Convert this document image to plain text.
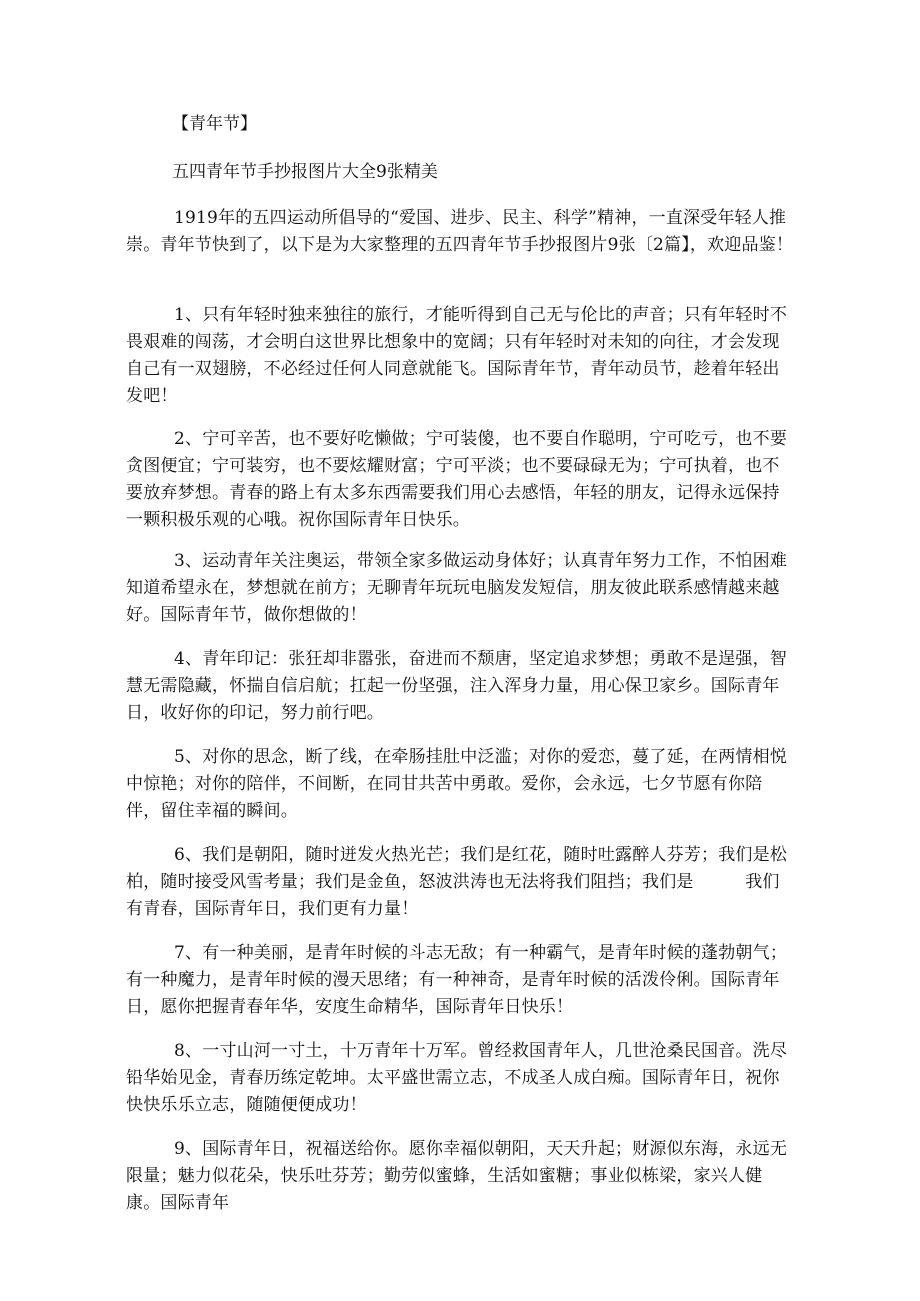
【青年节】
五四青年节手抄报图片大全9张精美
1919年的五四运动所倡导的“爱国、进步、民主、科学”精神，一直深受年轻人推崇。青年节快到了，以下是为大家整理的五四青年节手抄报图片9张〔2篇】，欢迎品鉴！
1、只有年轻时独来独往的旅行，才能听得到自己无与伦比的声音；只有年轻时不畏艰难的闯荡，才会明白这世界比想象中的宽阔；只有年轻时对未知的向往，才会发现自己有一双翅膀，不必经过任何人同意就能飞。国际青年节，青年动员节，趁着年轻出发吧！
2、宁可辛苦，也不要好吃懒做；宁可装傻，也不要自作聪明，宁可吃亏，也不要贪图便宜；宁可装穷，也不要炫耀财富；宁可平淡；也不要碌碌无为；宁可执着，也不要放弃梦想。青春的路上有太多东西需要我们用心去感悟，年轻的朋友，记得永远保持一颗积极乐观的心哦。祝你国际青年日快乐。
3、运动青年关注奥运，带领全家多做运动身体好；认真青年努力工作，不怕困难知道希望永在，梦想就在前方；无聊青年玩玩电脑发发短信，朋友彼此联系感情越来越好。国际青年节，做你想做的！
4、青年印记：张狂却非嚣张，奋进而不颓唐，坚定追求梦想；勇敢不是逞强，智慧无需隐藏，怀揣自信启航；扛起一份坚强，注入浑身力量，用心保卫家乡。国际青年日，收好你的印记，努力前行吧。
5、对你的思念，断了线，在牵肠挂肚中泛滥；对你的爱恋，蔓了延，在两情相悦中惊艳；对你的陪伴，不间断，在同甘共苦中勇敢。爱你，会永远，七夕节愿有你陪伴，留住幸福的瞬间。
6、我们是朝阳，随时迸发火热光芒；我们是红花，随时吐露醉人芬芳；我们是松柏，随时接受风雪考量；我们是金鱼，怒波洪涛也无法将我们阻挡；我们是　　　我们有青春，国际青年日，我们更有力量！
7、有一种美丽，是青年时候的斗志无敌；有一种霸气，是青年时候的蓬勃朝气；有一种魔力，是青年时候的漫天思绪；有一种神奇，是青年时候的活泼伶俐。国际青年日，愿你把握青春年华，安度生命精华，国际青年日快乐！
8、一寸山河一寸土，十万青年十万军。曾经救国青年人，几世沧桑民国音。洗尽铅华始见金，青春历练定乾坤。太平盛世需立志，不成圣人成白痴。国际青年日，祝你快快乐乐立志，随随便便成功！
9、国际青年日，祝福送给你。愿你幸福似朝阳，天天升起；财源似东海，永远无限量；魅力似花朵，快乐吐芬芳；勤劳似蜜蜂，生活如蜜糖；事业似栋梁，家兴人健康。国际青年
